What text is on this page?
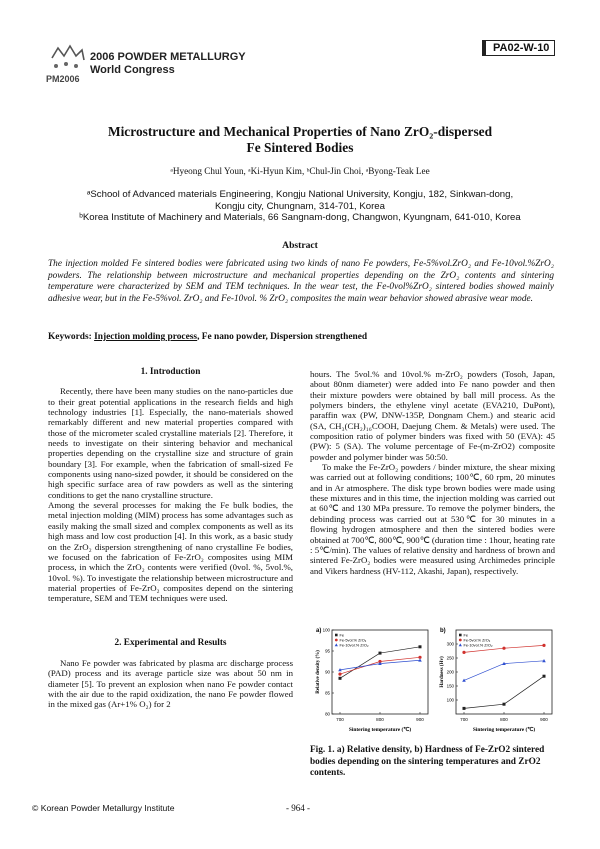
PM2006
2006 POWDER METALLURGY
World Congress
PA02-W-10
Microstructure and Mechanical Properties of Nano ZrO₂-dispersed
Fe Sintered Bodies
ᵃHyeong Chul Youn, ᵃKi-Hyun Kim, ᵇChul-Jin Choi, ᵃByong-Teak Lee
ᵃSchool of Advanced materials Engineering, Kongju National University, Kongju, 182, Sinkwan-dong,
Kongju city, Chungnam, 314-701, Korea
ᵇKorea Institute of Machinery and Materials, 66 Sangnam-dong, Changwon, Kyungnam, 641-010, Korea
Abstract
The injection molded Fe sintered bodies were fabricated using two kinds of nano Fe powders, Fe-5%vol.ZrO₂ and Fe-10vol.%ZrO₂ powders. The relationship between microstructure and mechanical properties depending on the ZrO₂ contents and sintering temperature were characterized by SEM and TEM techniques. In the wear test, the Fe-0vol%ZrO₂ sintered bodies showed mainly adhesive wear, but in the Fe-5%vol. ZrO₂ and Fe-10vol. % ZrO₂ composites the main wear behavior showed abrasive wear mode.
Keywords: Injection molding process, Fe nano powder, Dispersion strengthened
1. Introduction

Recently, there have been many studies on the nano-particles due to their great potential applications in the research fields and high technology industries [1]. Especially, the nano-materials showed remarkably different and new material properties compared with those of the micrometer scaled crystalline materials [2]. Therefore, it needs to investigate on their sintering behavior and mechanical properties depending on the crystalline size and structure of grain boundary [3]. For example, when the fabrication of small-sized Fe components using nano-sized powder, it should be considered on the high specific surface area of raw powders as well as the sintering conditions to get the nano crystalline structure.

Among the several processes for making the Fe bulk bodies, the metal injection molding (MIM) process has some advantages such as easily making the small sized and complex components as well as its high mass and low cost production [4]. In this work, as a basic study on the ZrO₂ dispersion strengthening of nano crystalline Fe bodies, we focused on the fabrication of Fe-ZrO₂ composites using MIM process, in which the ZrO₂ contents were verified (0vol. %, 5vol.%, 10vol. %). To investigate the relationship between microstructure and material properties of Fe-ZrO₂ composites depend on the sintering temperature, SEM and TEM techniques were used.

2. Experimental and Results

Nano Fe powder was fabricated by plasma arc discharge process (PAD) process and its average particle size was about 50 nm in diameter [5]. To prevent an explosion when nano Fe powder contact with the air due to the rapid oxidization, the nano Fe powder flowed in the mixed gas (Ar+1% O₂) for 2

hours. The 5vol.% and 10vol.% m-ZrO₂ powders (Tosoh, Japan, about 80nm diameter) were added into Fe nano powder and then their mixture powders were obtained by ball mill process. As the polymers binders, the ethylene vinyl acetate (EVA210, DuPont), paraffin wax (PW, DNW-135P, Dongnam Chem.) and stearic acid (SA, CH₃(CH₂)₁₆COOH, Daejung Chem. & Metals) were used. The composition ratio of polymer binders was fixed with 50 (EVA): 45 (PW): 5 (SA). The volume percentage of Fe-(m-ZrO2) composite powder and polymer binder was 50:50.

To make the Fe-ZrO₂ powders / binder mixture, the shear mixing was carried out at following conditions; 100℃, 60 rpm, 20 minutes and in Ar atmosphere. The disk type brown bodies were made using these mixtures and in this time, the injection molding was carried out at 60℃ and 130 MPa pressure. To remove the polymer binders, the debinding process was carried out at 530℃ for 30 minutes in a flowing hydrogen atmosphere and then the sintered bodies were obtained at 700℃, 800℃, 900℃ (duration time : 1hour, heating rate : 5℃/min). The values of relative density and hardness of brown and sintered Fe-ZrO₂ bodies were measured using Archimedes principle and Vikers hardness (HV-112, Akashi, Japan), respectively.

a)
700	800	900
80
85
90
95
100
Sintering temperature (℃)
Relative density (%)
Fe
Fe-5vol.% ZrO₂
Fe-10vol.% ZrO₂
b)
700	800	900
100
150
200
250
300
Sintering temperature (℃)
Hardness (Hv)
Fe
Fe-5vol.% ZrO₂
Fe-10vol.% ZrO₂
Fig. 1. a) Relative density, b) Hardness of Fe-ZrO2 sintered bodies depending on the sintering temperatures and ZrO2 contents.
© Korean Powder Metallurgy Institute	- 964 -
